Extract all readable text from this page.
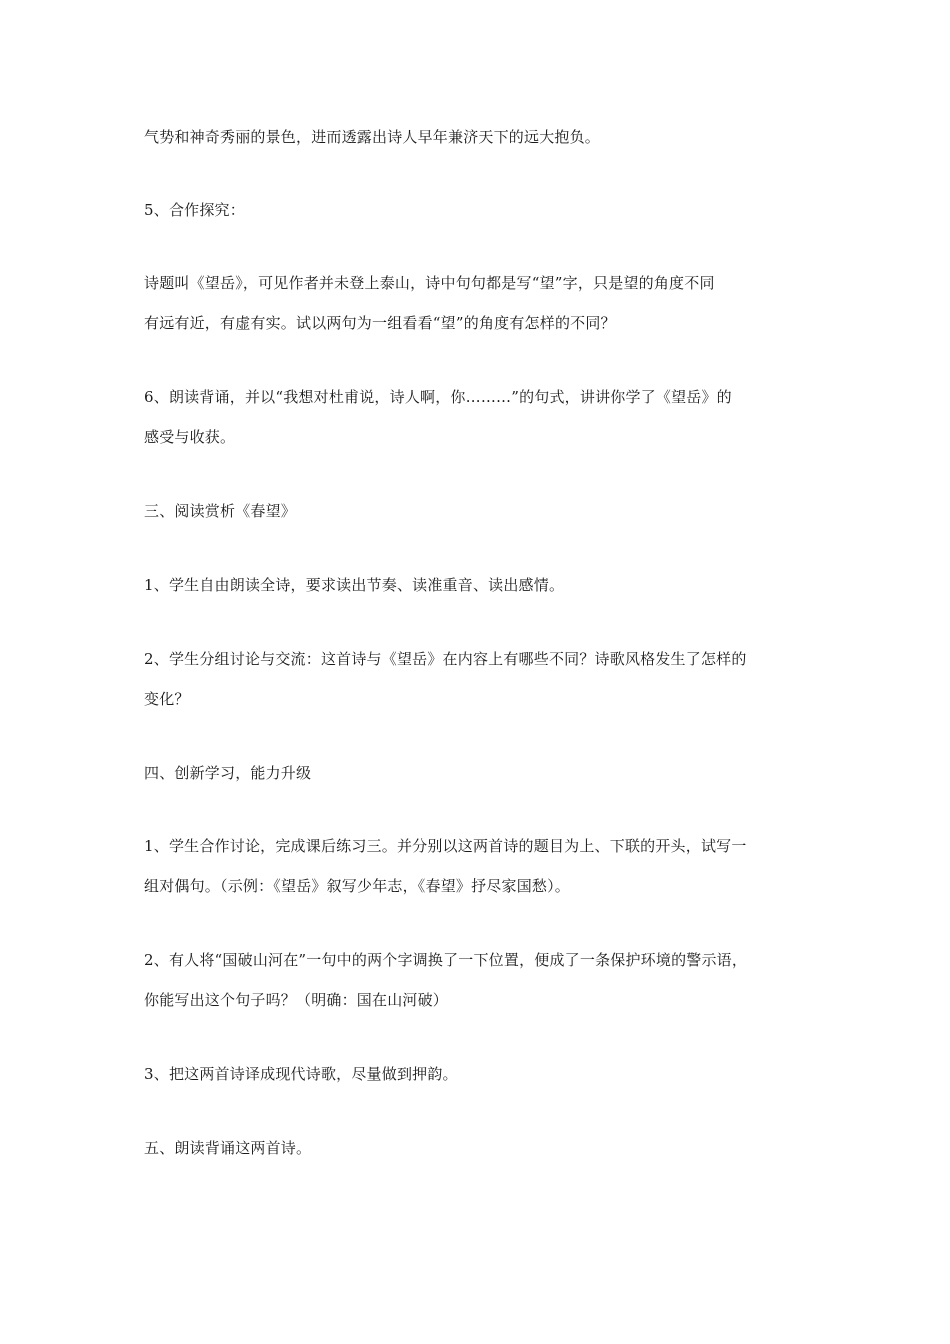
气势和神奇秀丽的景色，进而透露出诗人早年兼济天下的远大抱负。
5、合作探究：
诗题叫《望岳》，可见作者并未登上泰山，诗中句句都是写“望”字，只是望的角度不同
有远有近，有虚有实。试以两句为一组看看“望”的角度有怎样的不同？
6、朗读背诵，并以“我想对杜甫说，诗人啊，你………”的句式，讲讲你学了《望岳》的
感受与收获。
三、阅读赏析《春望》
1、学生自由朗读全诗，要求读出节奏、读准重音、读出感情。
2、学生分组讨论与交流：这首诗与《望岳》在内容上有哪些不同？诗歌风格发生了怎样的
变化？
四、创新学习，能力升级
1、学生合作讨论，完成课后练习三。并分别以这两首诗的题目为上、下联的开头，试写一
组对偶句。（示例：《望岳》叙写少年志，《春望》抒尽家国愁）。
2、有人将“国破山河在”一句中的两个字调换了一下位置，便成了一条保护环境的警示语，
你能写出这个句子吗？（明确：国在山河破）
3、把这两首诗译成现代诗歌，尽量做到押韵。
五、朗读背诵这两首诗。
